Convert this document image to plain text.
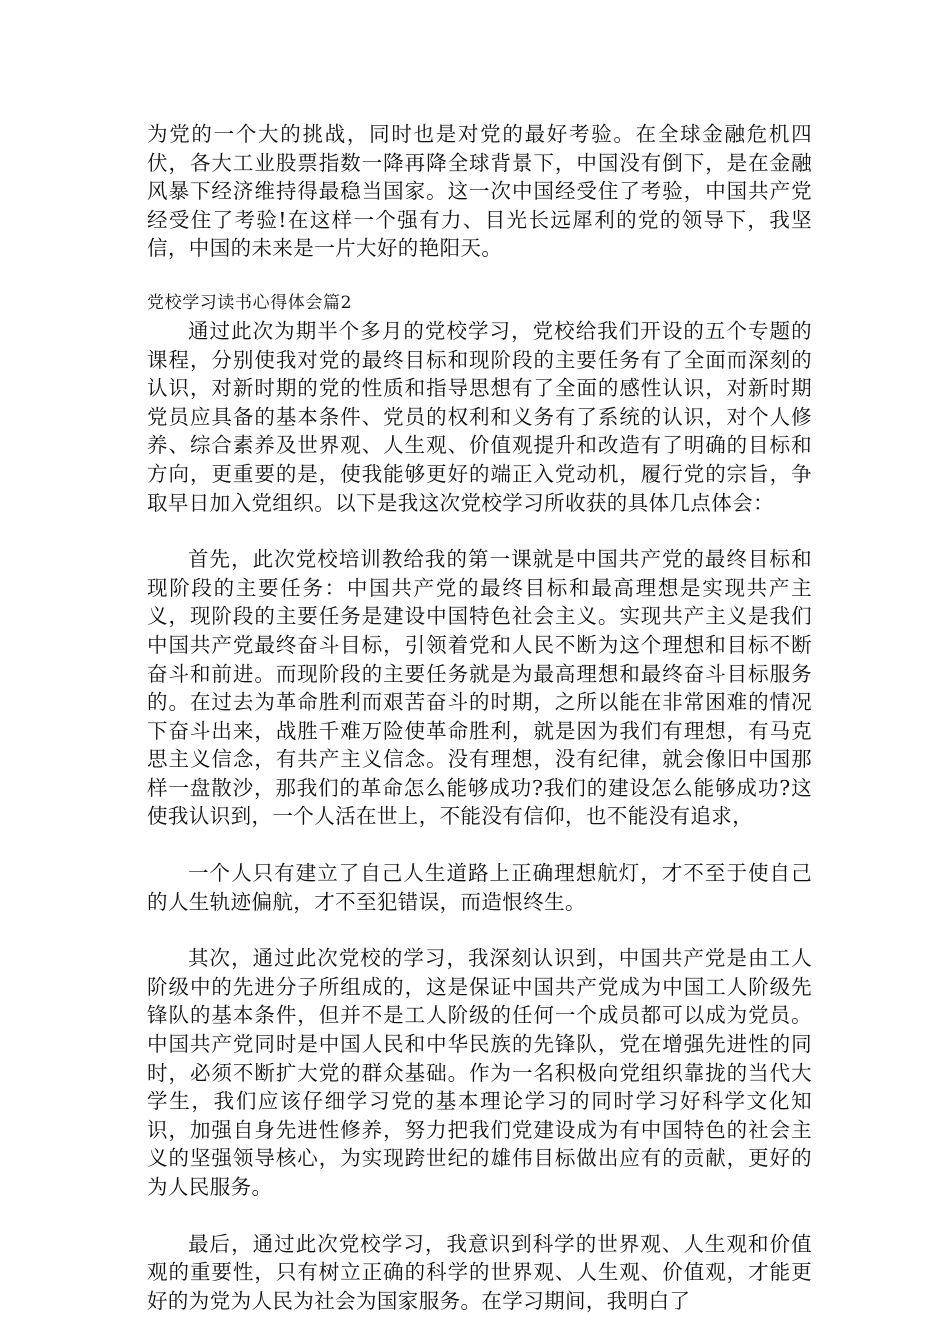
为党的一个大的挑战，同时也是对党的最好考验。在全球金融危机四伏，各大工业股票指数一降再降全球背景下，中国没有倒下，是在金融风暴下经济维持得最稳当国家。这一次中国经受住了考验，中国共产党经受住了考验!在这样一个强有力、目光长远犀利的党的领导下，我坚信，中国的未来是一片大好的艳阳天。

党校学习读书心得体会篇2

通过此次为期半个多月的党校学习，党校给我们开设的五个专题的课程，分别使我对党的最终目标和现阶段的主要任务有了全面而深刻的认识，对新时期的党的性质和指导思想有了全面的感性认识，对新时期党员应具备的基本条件、党员的权利和义务有了系统的认识，对个人修养、综合素养及世界观、人生观、价值观提升和改造有了明确的目标和方向，更重要的是，使我能够更好的端正入党动机，履行党的宗旨，争取早日加入党组织。以下是我这次党校学习所收获的具体几点体会：

首先，此次党校培训教给我的第一课就是中国共产党的最终目标和现阶段的主要任务：中国共产党的最终目标和最高理想是实现共产主义，现阶段的主要任务是建设中国特色社会主义。实现共产主义是我们中国共产党最终奋斗目标，引领着党和人民不断为这个理想和目标不断奋斗和前进。而现阶段的主要任务就是为最高理想和最终奋斗目标服务的。在过去为革命胜利而艰苦奋斗的时期，之所以能在非常困难的情况下奋斗出来，战胜千难万险使革命胜利，就是因为我们有理想，有马克思主义信念，有共产主义信念。没有理想，没有纪律，就会像旧中国那样一盘散沙，那我们的革命怎么能够成功?我们的建设怎么能够成功?这使我认识到，一个人活在世上，不能没有信仰，也不能没有追求，

一个人只有建立了自己人生道路上正确理想航灯，才不至于使自己的人生轨迹偏航，才不至犯错误，而造恨终生。

其次，通过此次党校的学习，我深刻认识到，中国共产党是由工人阶级中的先进分子所组成的，这是保证中国共产党成为中国工人阶级先锋队的基本条件，但并不是工人阶级的任何一个成员都可以成为党员。中国共产党同时是中国人民和中华民族的先锋队，党在增强先进性的同时，必须不断扩大党的群众基础。作为一名积极向党组织靠拢的当代大学生，我们应该仔细学习党的基本理论学习的同时学习好科学文化知识，加强自身先进性修养，努力把我们党建设成为有中国特色的社会主义的坚强领导核心，为实现跨世纪的雄伟目标做出应有的贡献，更好的为人民服务。

最后，通过此次党校学习，我意识到科学的世界观、人生观和价值观的重要性，只有树立正确的科学的世界观、人生观、价值观，才能更好的为党为人民为社会为国家服务。在学习期间，我明白了
